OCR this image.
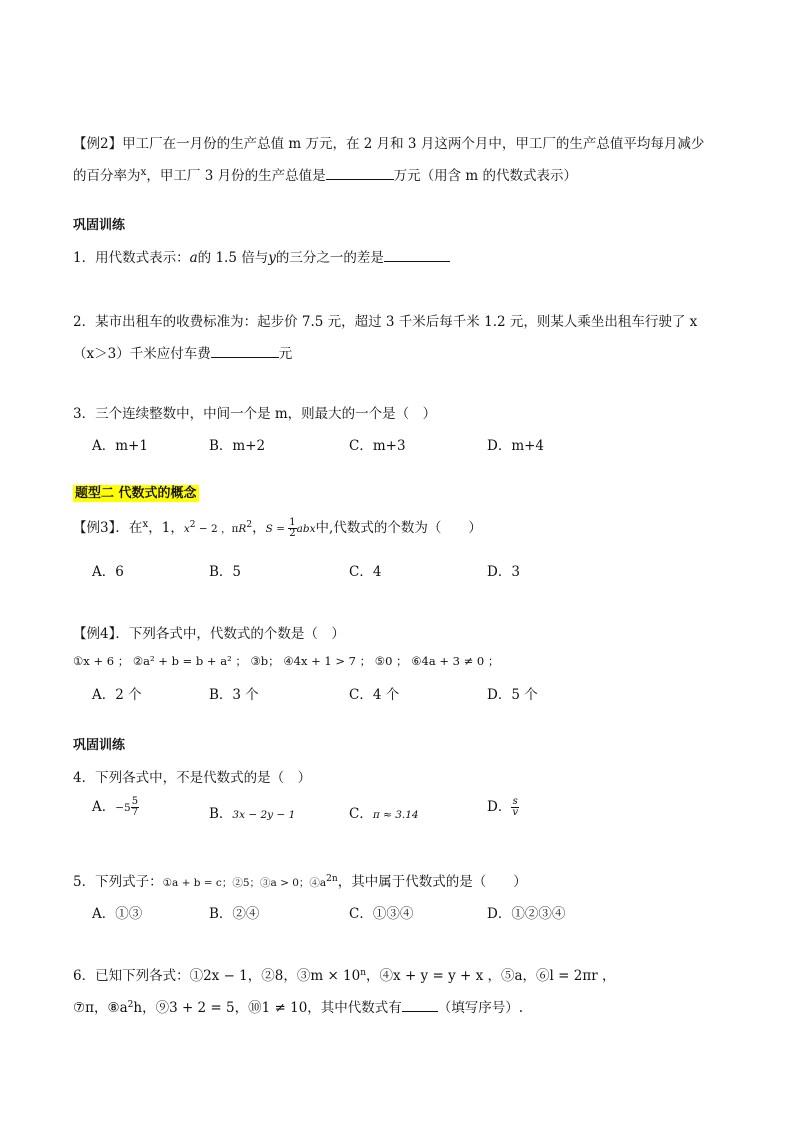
【例2】甲工厂在一月份的生产总值 m 万元，在 2 月和 3 月这两个月中，甲工厂的生产总值平均每月减少
的百分率为$^x$，甲工厂 3 月份的生产总值是	万元（用含 m 的代数式表示）
巩固训练
1．用代数式表示：a的 1.5 倍与y的三分之一的差是
2．某市出租车的收费标准为：起步价 7.5 元，超过 3 千米后每千米 1.2 元，则某人乘坐出租车行驶了 x
（x＞3）千米应付车费	元
3．三个连续整数中，中间一个是 m，则最大的一个是（　）
A．m+1	B．m+2	C．m+3	D．m+4
题型二 代数式的概念
【例3】．在$^x$，1，$x^2 - 2$ ，$\pi R^2$，$S = \frac{1}{2}$ abx中,代数式的个数为（　　）
A．6	B．5	C．4	D．3
【例4】．下列各式中，代数式的个数是（　）
①x + 6 ； ②a² + b = b + a² ； ③b； ④4x + 1 > 7 ； ⑤0 ； ⑥4a + 3 ≠ 0 ；
A．2 个	B．3 个	C．4 个	D．5 个
巩固训练
4．下列各式中，不是代数式的是（　）
A．$-5 \frac{5}{7}$	B．3x − 2y − 1	C．π ≈ 3.14	D． $\frac{s}{v}$
5．下列式子：①a + b = c；②5；③a > 0；$④a^{2n}$，其中属于代数式的是（　　）
A．①③	B．②④	C．①③④	D．①②③④
6．已知下列各式：①2x − 1，②8，③m × $10^n$，④x + y = y + x ，⑤a，⑥l = 2πr ，
⑦π，$⑧a^2h$，⑨3 + 2 = 5，⑩1 ≠ 10，其中代数式有	（填写序号）.
